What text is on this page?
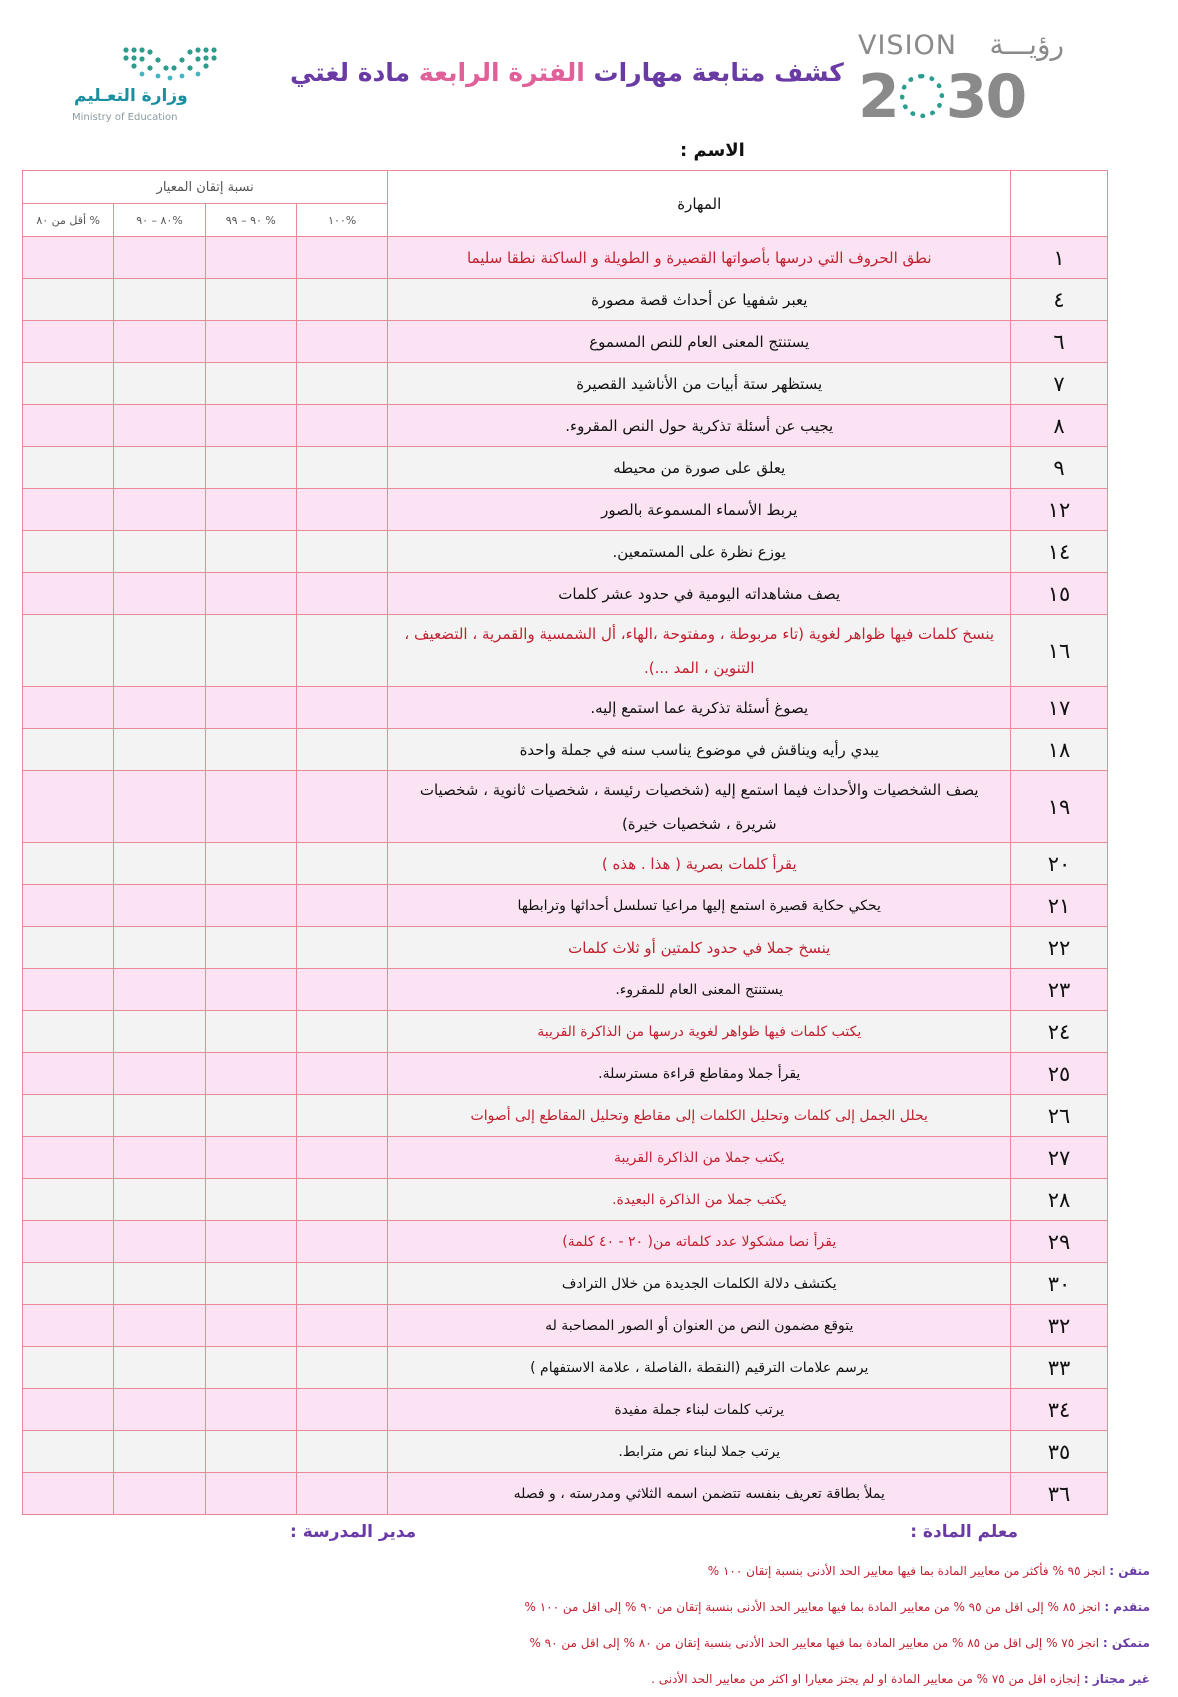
VISION رؤيـــة
2 30
كشف متابعة مهارات الفترة الرابعة مادة لغتي
وزارة التعـليم
Ministry of Education
الاسم :
نسبة إتقان المعيار				المهارة	
أقل من ٨٠ %	٨٠ – ٩٠%	٩٠ – ٩٩ %	١٠٠%		
				نطق الحروف التي درسها بأصواتها القصيرة و الطويلة و الساكنة نطقا سليما	١
				يعبر شفهيا عن أحداث قصة مصورة	٤
				يستنتج المعنى العام للنص المسموع	٦
				يستظهر ستة أبيات من الأناشيد القصيرة	٧
				يجيب عن أسئلة تذكرية حول النص المقروء.	٨
				يعلق على صورة من محيطه	٩
				يربط الأسماء المسموعة بالصور	١٢
				يوزع نظرة على المستمعين.	١٤
				يصف مشاهداته اليومية في حدود عشر كلمات	١٥
				ينسخ كلمات فيها ظواهر لغوية (تاء مربوطة ، ومفتوحة ،الهاء، أل الشمسية والقمرية ، التضعيف ، التنوين ، المد ...).	١٦
				يصوغ أسئلة تذكرية عما استمع إليه.	١٧
				يبدي رأيه ويناقش في موضوع يناسب سنه في جملة واحدة	١٨
				يصف الشخصيات والأحداث فيما استمع إليه (شخصيات رئيسة ، شخصيات ثانوية ، شخصيات شريرة ، شخصيات خيرة)	١٩
				يقرأ كلمات بصرية ( هذا . هذه )	٢٠
				يحكي حكاية قصيرة استمع إليها مراعيا تسلسل أحداثها وترابطها	٢١
				ينسخ جملا في حدود كلمتين أو ثلاث كلمات	٢٢
				يستنتج المعنى العام للمقروء.	٢٣
				يكتب كلمات فيها ظواهر لغوية درسها من الذاكرة القريبة	٢٤
				يقرأ جملا ومقاطع قراءة مسترسلة.	٢٥
				يحلل الجمل إلى كلمات وتحليل الكلمات إلى مقاطع وتحليل المقاطع إلى أصوات	٢٦
				يكتب جملا من الذاكرة القريبة	٢٧
				يكتب جملا من الذاكرة البعيدة.	٢٨
				يقرأ نصا مشكولا عدد كلماته من( ٢٠ - ٤٠ كلمة)	٢٩
				يكتشف دلالة الكلمات الجديدة من خلال الترادف	٣٠
				يتوقع مضمون النص من العنوان أو الصور المصاحبة له	٣٢
				يرسم علامات الترقيم (النقطة ،الفاصلة ، علامة الاستفهام )	٣٣
				يرتب كلمات لبناء جملة مفيدة	٣٤
				يرتب جملا لبناء نص مترابط.	٣٥
				يملأ بطاقة تعريف بنفسه تتضمن اسمه الثلاثي ومدرسته ، و فصله	٣٦
معلم المادة :
مدير المدرسة :
متقن : انجز ٩٥ % فأكثر من معايير المادة بما فيها معايير الحد الأدنى بنسبة إتقان ١٠٠ %
متقدم : انجز ٨٥ % إلى اقل من ٩٥ % من معايير المادة بما فيها معايير الحد الأدنى بنسبة إتقان من ٩٠ % إلى اقل من ١٠٠ %
متمكن : انجز ٧٥ % إلى اقل من ٨٥ % من معايير المادة بما فيها معايير الحد الأدنى بنسبة إتقان من ٨٠ % إلى اقل من ٩٠ %
غير مجتاز : إنجازه اقل من ٧٥ % من معايير المادة او لم يجتز معيارا او اكثر من معايير الحد الأدنى .
